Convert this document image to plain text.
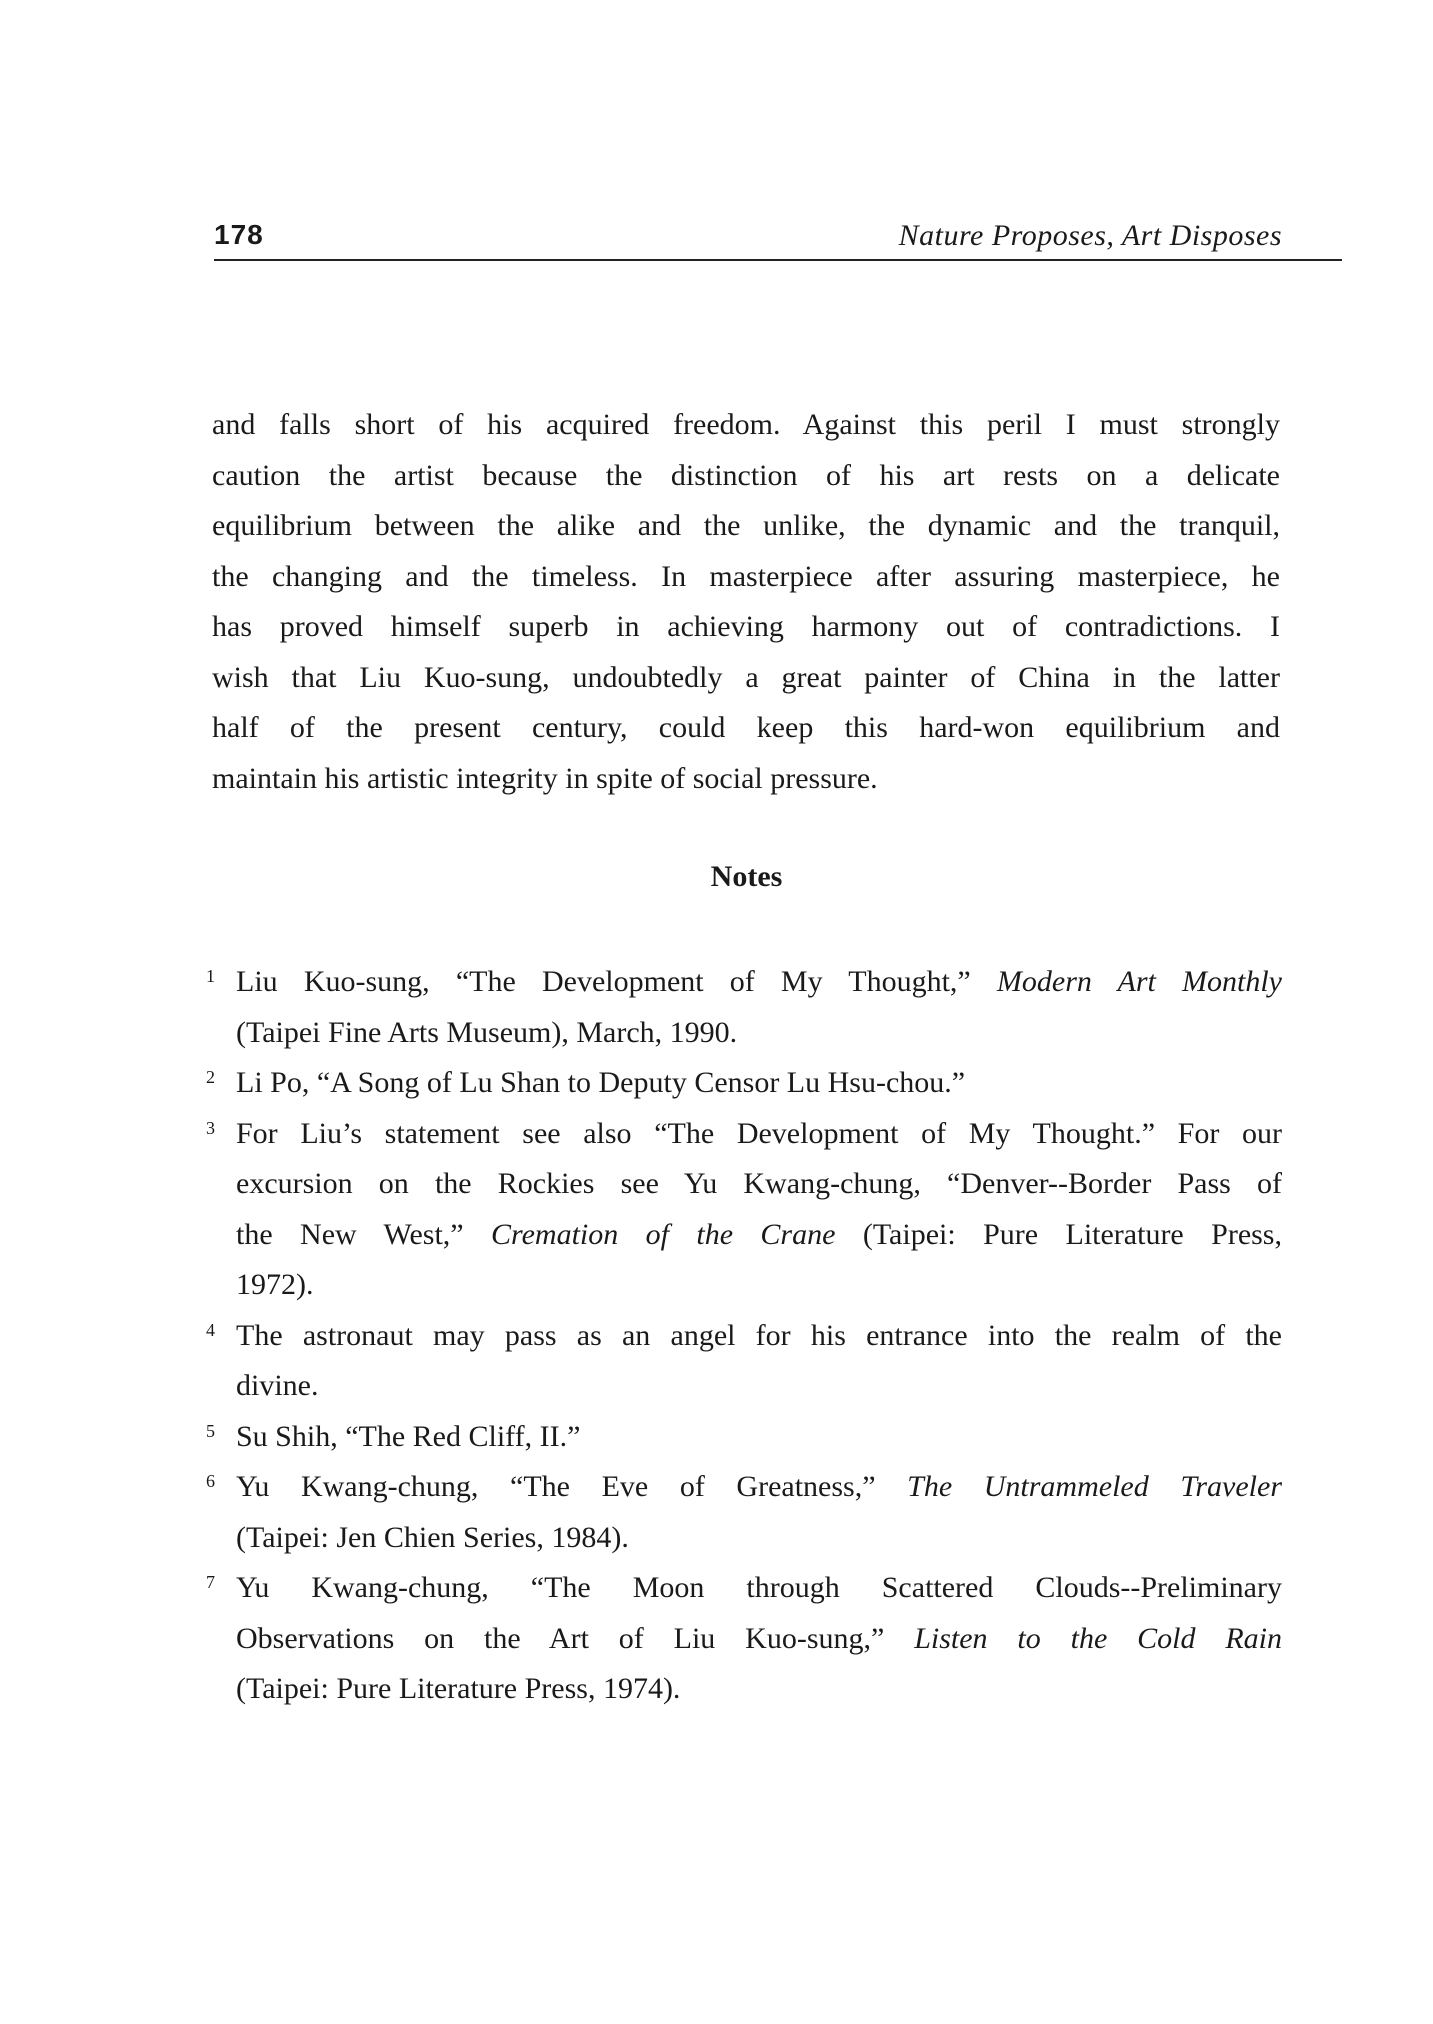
178	Nature Proposes, Art Disposes
and falls short of his acquired freedom. Against this peril I must strongly
caution the artist because the distinction of his art rests on a delicate
equilibrium between the alike and the unlike, the dynamic and the tranquil,
the changing and the timeless. In masterpiece after assuring masterpiece, he
has proved himself superb in achieving harmony out of contradictions. I
wish that Liu Kuo-sung, undoubtedly a great painter of China in the latter
half of the present century, could keep this hard-won equilibrium and
maintain his artistic integrity in spite of social pressure.
Notes
1 Liu Kuo-sung, “The Development of My Thought,” Modern Art Monthly
(Taipei Fine Arts Museum), March, 1990.
2 Li Po, “A Song of Lu Shan to Deputy Censor Lu Hsu-chou.”
3 For Liu’s statement see also “The Development of My Thought.” For our
excursion on the Rockies see Yu Kwang-chung, “Denver--Border Pass of
the New West,” Cremation of the Crane (Taipei: Pure Literature Press,
1972).
4 The astronaut may pass as an angel for his entrance into the realm of the
divine.
5 Su Shih, “The Red Cliff, II.”
6 Yu Kwang-chung, “The Eve of Greatness,” The Untrammeled Traveler
(Taipei: Jen Chien Series, 1984).
7 Yu Kwang-chung, “The Moon through Scattered Clouds--Preliminary
Observations on the Art of Liu Kuo-sung,” Listen to the Cold Rain
(Taipei: Pure Literature Press, 1974).
